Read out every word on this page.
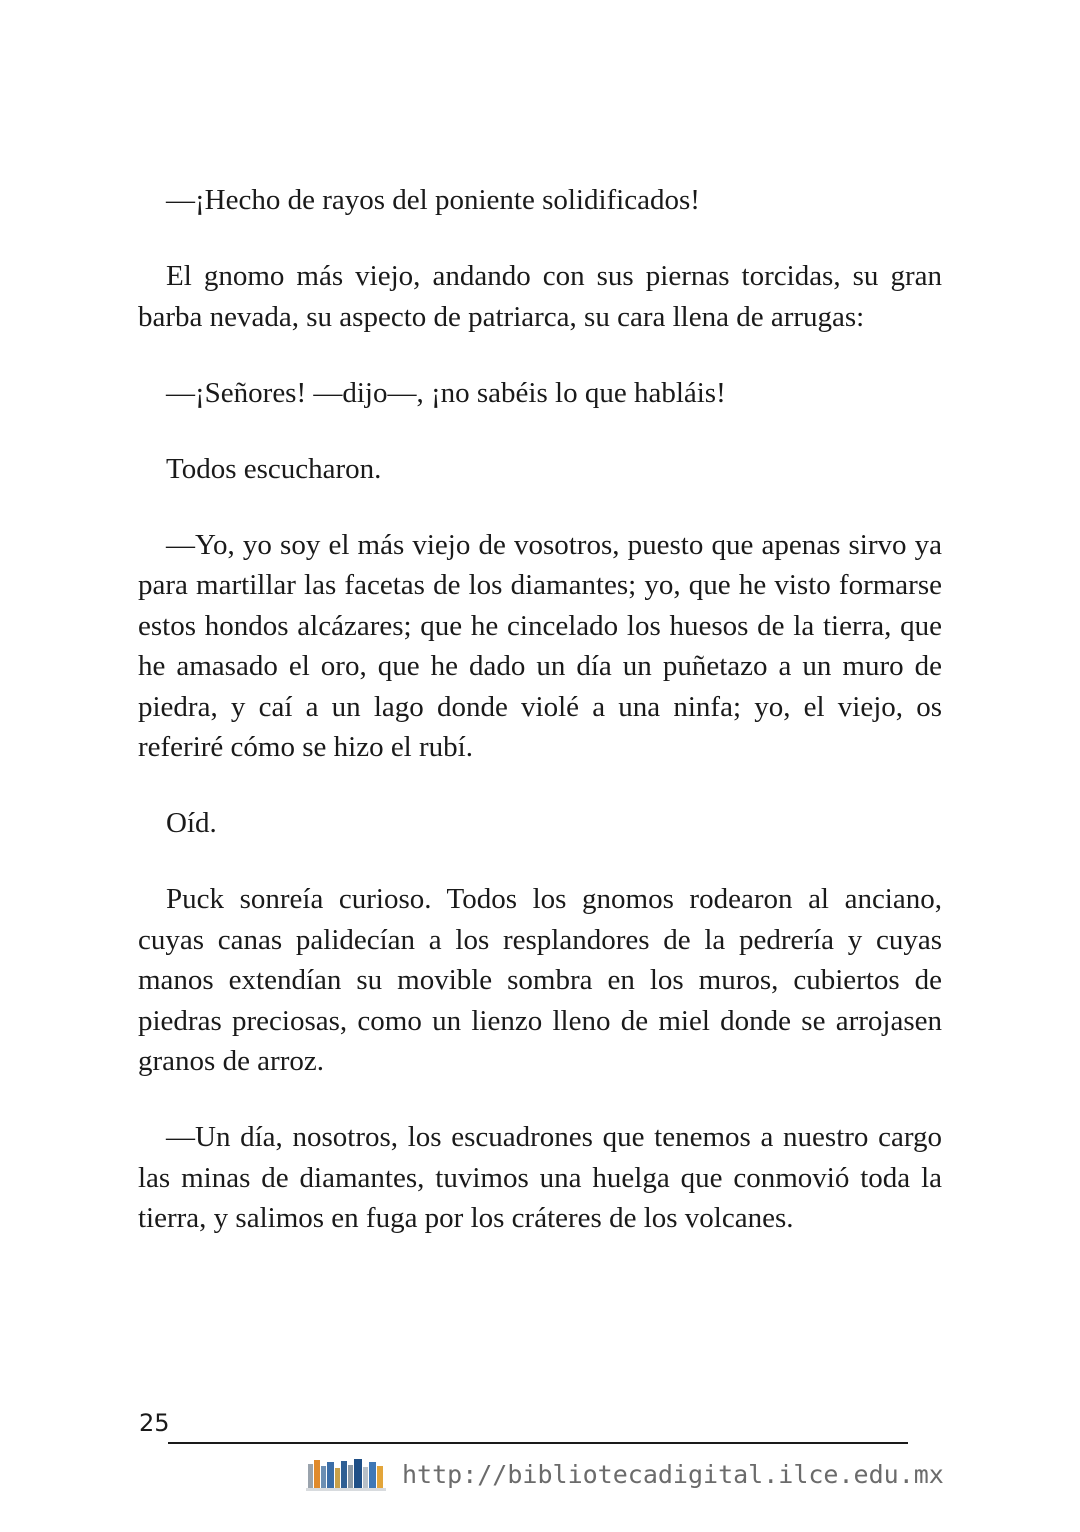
—¡Hecho de rayos del poniente solidificados!

El gnomo más viejo, andando con sus piernas torcidas, su gran barba nevada, su aspecto de patriarca, su cara llena de arrugas:

—¡Señores! —dijo—, ¡no sabéis lo que habláis!

Todos escucharon.

—Yo, yo soy el más viejo de vosotros, puesto que apenas sirvo ya para martillar las facetas de los diamantes; yo, que he visto formarse estos hondos alcázares; que he cincelado los huesos de la tierra, que he amasado el oro, que he dado un día un puñetazo a un muro de piedra, y caí a un lago donde violé a una ninfa; yo, el viejo, os referiré cómo se hizo el rubí.

Oíd.

Puck sonreía curioso. Todos los gnomos rodearon al anciano, cuyas canas palidecían a los resplandores de la pedrería y cuyas manos extendían su movible sombra en los muros, cubiertos de piedras preciosas, como un lienzo lleno de miel donde se arrojasen granos de arroz.

—Un día, nosotros, los escuadrones que tenemos a nuestro cargo las minas de diamantes, tuvimos una huelga que conmovió toda la tierra, y salimos en fuga por los cráteres de los volcanes.

25
http://bibliotecadigital.ilce.edu.mx
